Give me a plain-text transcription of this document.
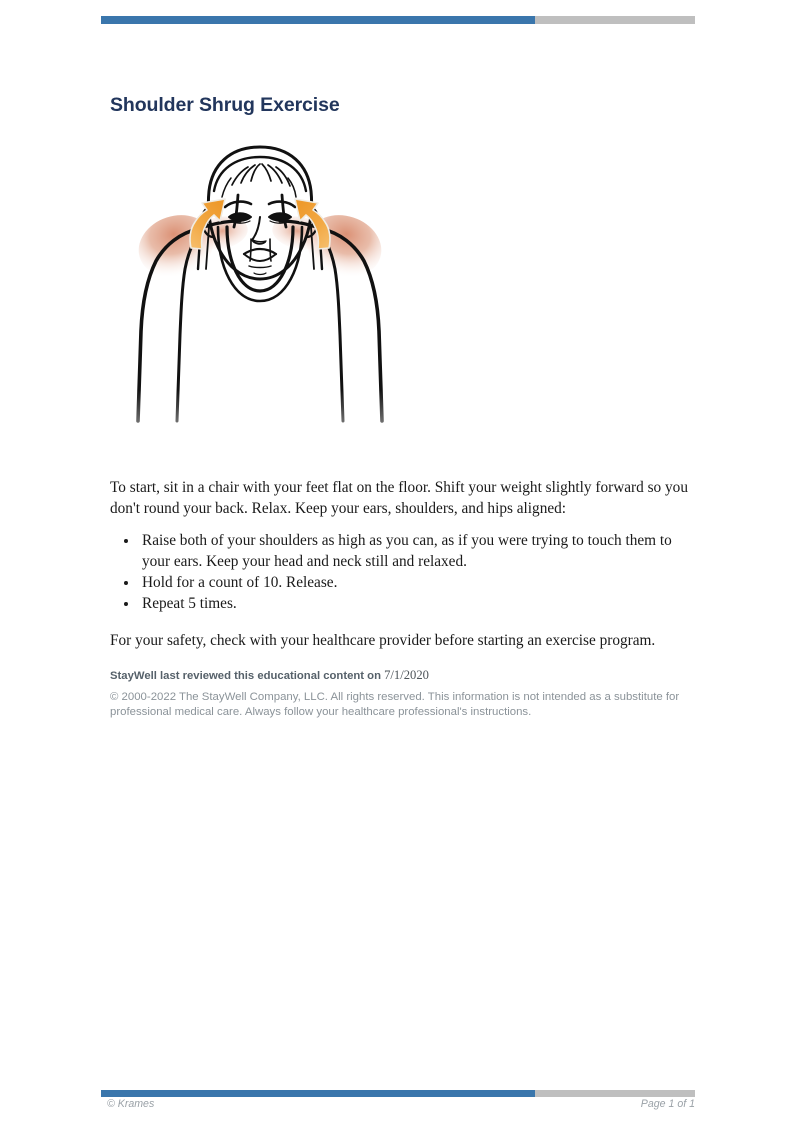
Shoulder Shrug Exercise

To start, sit in a chair with your feet flat on the floor. Shift your weight slightly forward so you don't round your back. Relax. Keep your ears, shoulders, and hips aligned:

• Raise both of your shoulders as high as you can, as if you were trying to touch them to your ears. Keep your head and neck still and relaxed.
• Hold for a count of 10. Release.
• Repeat 5 times.

For your safety, check with your healthcare provider before starting an exercise program.

StayWell last reviewed this educational content on 7/1/2020

© 2000-2022 The StayWell Company, LLC. All rights reserved. This information is not intended as a substitute for professional medical care. Always follow your healthcare professional's instructions.

© Krames	Page 1 of 1
